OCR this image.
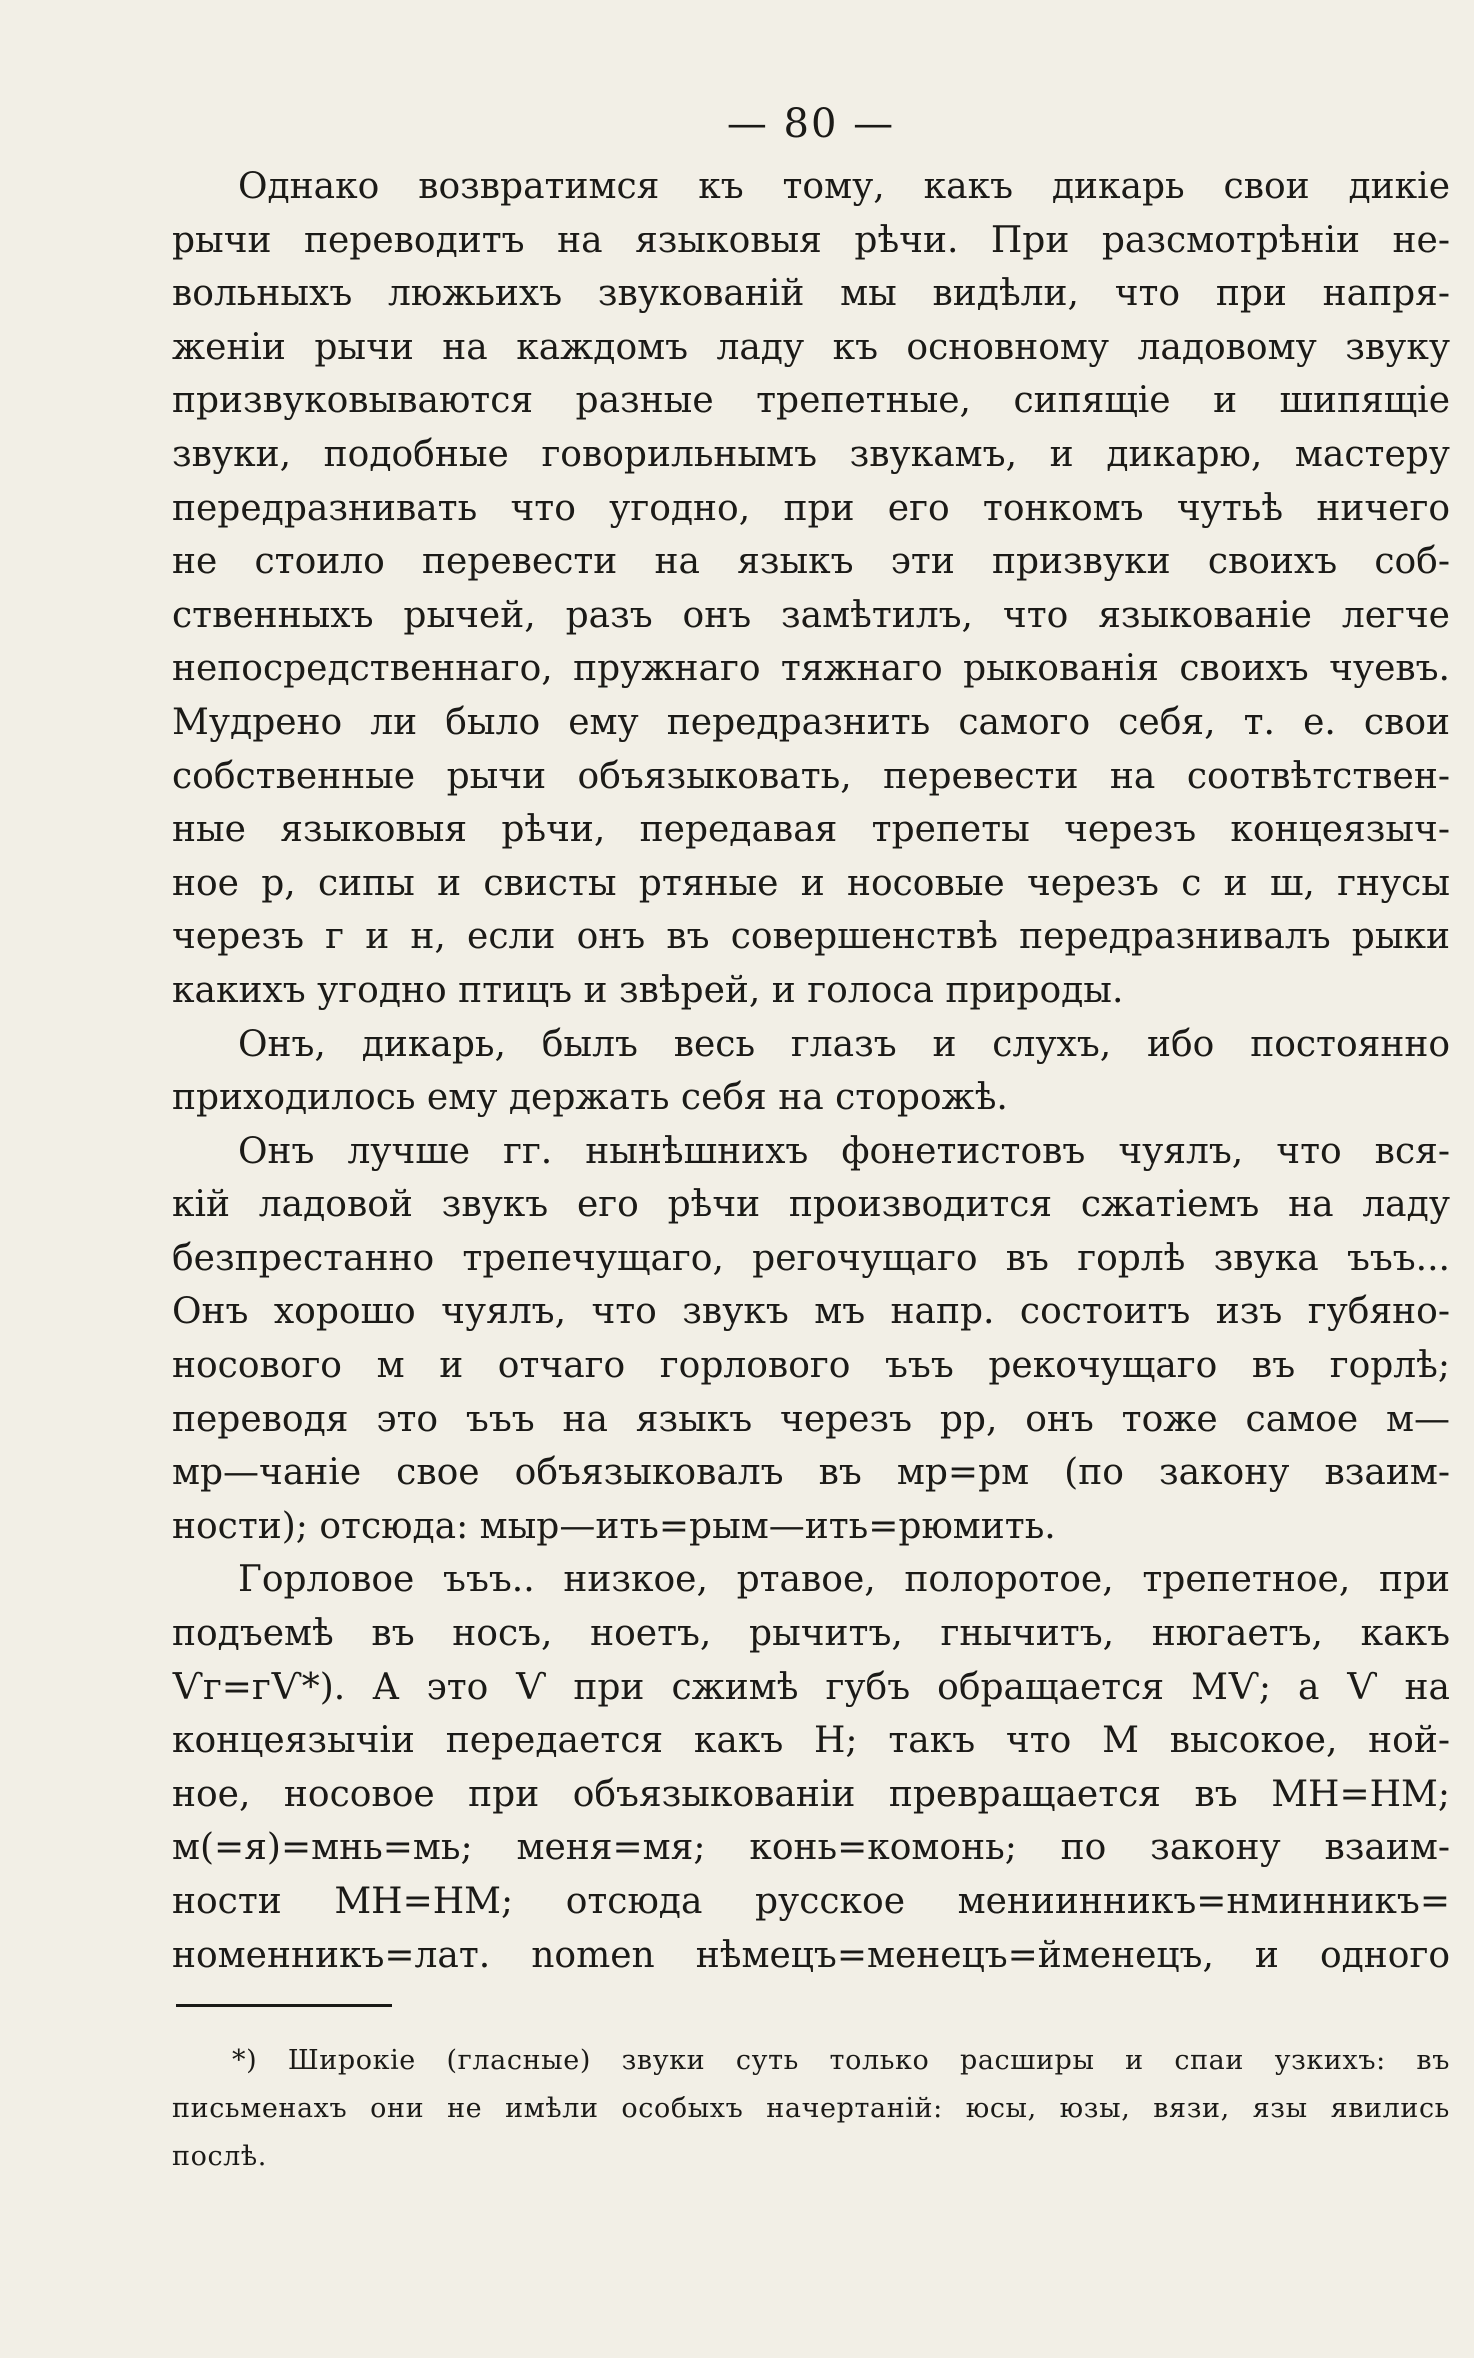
— 80 —

Однако возвратимся къ тому, какъ дикарь свои дикiе
рычи переводитъ на языковыя рѣчи. При разсмотрѣнiи не-
вольныхъ люжьихъ звукованiй мы видѣли, что при напря-
женiи рычи на каждомъ ладу къ основному ладовому звуку
призвуковываются разные трепетные, сипящiе и шипящiе
звуки, подобные говорильнымъ звукамъ, и дикарю, мастеру
передразнивать что угодно, при его тонкомъ чутьѣ ничего
не стоило перевести на языкъ эти призвуки своихъ соб-
ственныхъ рычей, разъ онъ замѣтилъ, что языкованiе легче
непосредственнаго, пружнаго тяжнаго рыкованiя своихъ чуевъ.
Мудрено ли было ему передразнить самого себя, т. е. свои
собственные рычи объязыковать, перевести на соотвѣтствен-
ные языковыя рѣчи, передавая трепеты черезъ концеязыч-
ное р, сипы и свисты ртяные и носовые черезъ с и ш, гнусы
черезъ г и н, если онъ въ совершенствѣ передразнивалъ рыки
какихъ угодно птицъ и звѣрей, и голоса природы.

Онъ, дикарь, былъ весь глазъ и слухъ, ибо постоянно
приходилось ему держать себя на сторожѣ.

Онъ лучше гг. нынѣшнихъ фонетистовъ чуялъ, что вся-
кiй ладовой звукъ его рѣчи производится сжатiемъ на ладу
безпрестанно трепечущаго, регочущаго въ горлѣ звука ъъъ...
Онъ хорошо чуялъ, что звукъ мъ напр. состоитъ изъ губяно-
носового м и отчаго горлового ъъъ рекочущаго въ горлѣ;
переводя это ъъъ на языкъ черезъ рр, онъ тоже самое м—
мр—чанiе свое объязыковалъ въ мр=рм (по закону взаим-
ности); отсюда: мыр—ить=рым—ить=рюмить.

Горловое ъъъ.. низкое, ртавое, полоротое, трепетное, при
подъемѣ въ носъ, ноетъ, рычитъ, гнычитъ, нюгаетъ, какъ
Ѵг=гѴ*). А это Ѵ при сжимѣ губъ обращается МѴ; а Ѵ на
концеязычiи передается какъ Н; такъ что М высокое, ной-
ное, носовое при объязыкованiи превращается въ МН=НМ;
м(=я)=мнь=мь; меня=мя; конь=комонь; по закону взаим-
ности МН=НМ; отсюда русское мениинникъ=нминникъ=
номенникъ=лат. nomen нѣмецъ=менецъ=йменецъ, и одного

*) Широкiе (гласные) звуки суть только расширы и спаи узкихъ: въ
письменахъ они не имѣли особыхъ начертанiй: юсы, юзы, вязи, язы явились
послѣ.
